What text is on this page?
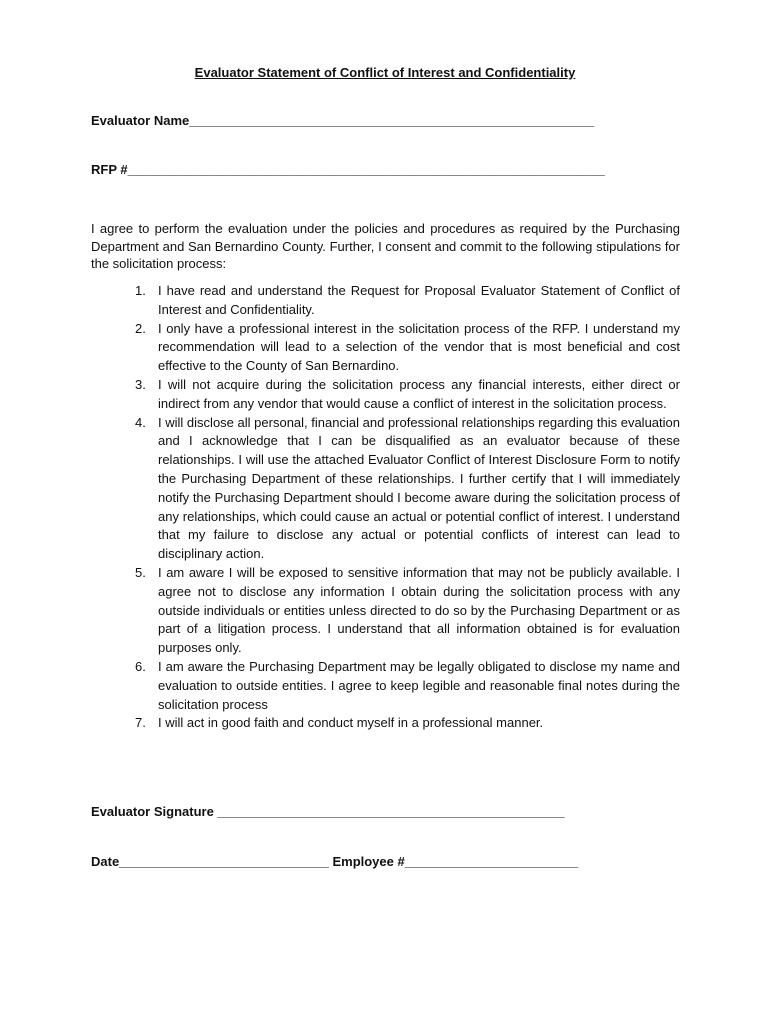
Evaluator Statement of Conflict of Interest and Confidentiality
Evaluator Name________________________________________________________
RFP #__________________________________________________________________
I agree to perform the evaluation under the policies and procedures as required by the Purchasing Department and San Bernardino County. Further, I consent and commit to the following stipulations for the solicitation process:
1. I have read and understand the Request for Proposal Evaluator Statement of Conflict of Interest and Confidentiality.
2. I only have a professional interest in the solicitation process of the RFP. I understand my recommendation will lead to a selection of the vendor that is most beneficial and cost effective to the County of San Bernardino.
3. I will not acquire during the solicitation process any financial interests, either direct or indirect from any vendor that would cause a conflict of interest in the solicitation process.
4. I will disclose all personal, financial and professional relationships regarding this evaluation and I acknowledge that I can be disqualified as an evaluator because of these relationships. I will use the attached Evaluator Conflict of Interest Disclosure Form to notify the Purchasing Department of these relationships. I further certify that I will immediately notify the Purchasing Department should I become aware during the solicitation process of any relationships, which could cause an actual or potential conflict of interest. I understand that my failure to disclose any actual or potential conflicts of interest can lead to disciplinary action.
5. I am aware I will be exposed to sensitive information that may not be publicly available. I agree not to disclose any information I obtain during the solicitation process with any outside individuals or entities unless directed to do so by the Purchasing Department or as part of a litigation process. I understand that all information obtained is for evaluation purposes only.
6. I am aware the Purchasing Department may be legally obligated to disclose my name and evaluation to outside entities. I agree to keep legible and reasonable final notes during the solicitation process
7. I will act in good faith and conduct myself in a professional manner.
Evaluator Signature ________________________________________________
Date_____________________________ Employee #________________________
